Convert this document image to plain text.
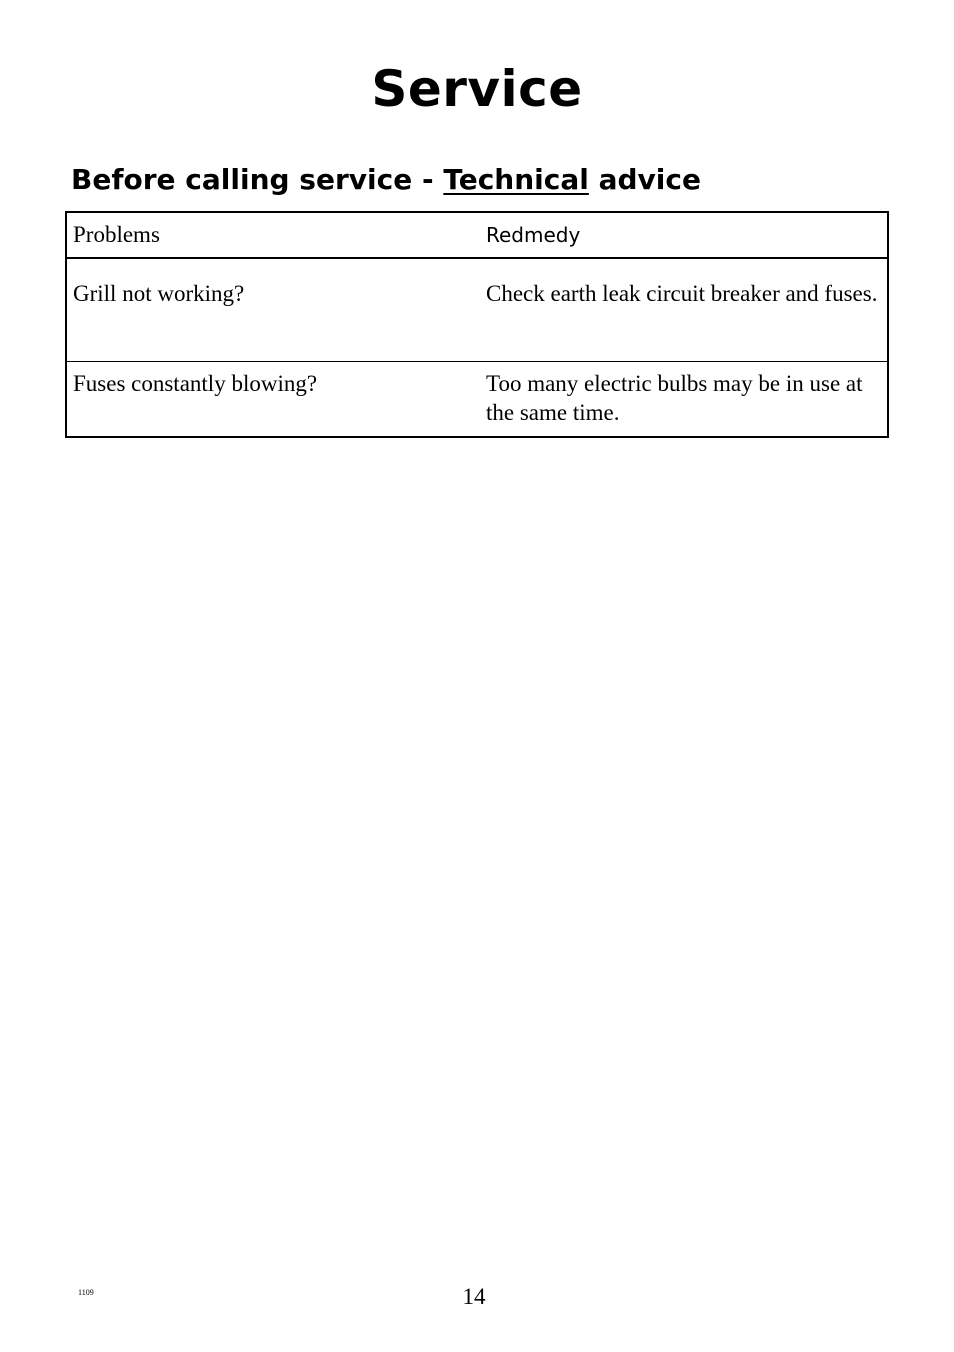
Service
Before calling service - Technical advice
Problems	Redmedy
Grill not working?	Check earth leak circuit breaker and fuses.
Fuses constantly blowing?	Too many electric bulbs may be in use at the same time.
1109	14
